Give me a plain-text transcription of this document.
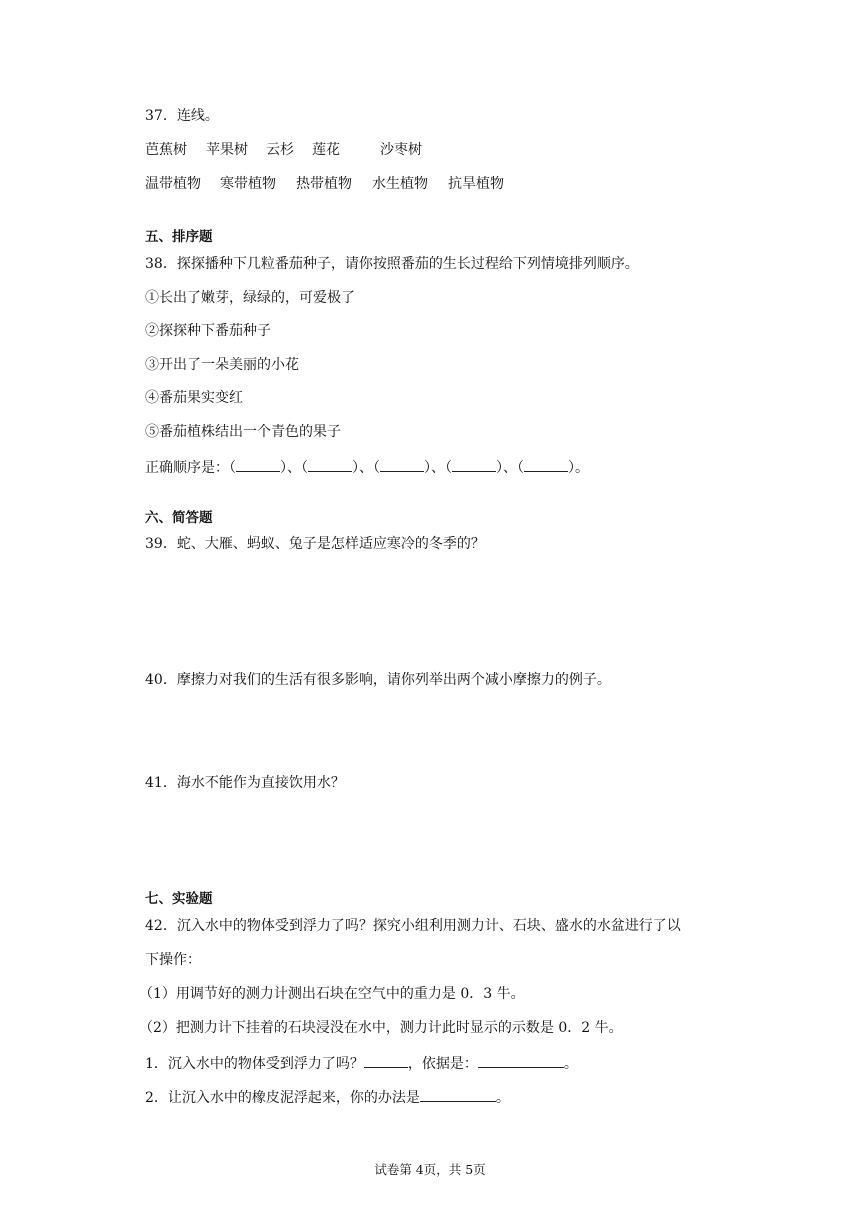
37．连线。
芭蕉树 苹果树 云杉 莲花	沙枣树
温带植物 寒带植物 热带植物 水生植物 抗旱植物
五、排序题
38．探探播种下几粒番茄种子，请你按照番茄的生长过程给下列情境排列顺序。
①长出了嫩芽，绿绿的，可爱极了
②探探种下番茄种子
③开出了一朵美丽的小花
④番茄果实变红
⑤番茄植株结出一个青色的果子
正确顺序是：（	）、（	）、（	）、（	）、（	）。
六、简答题
39．蛇、大雁、蚂蚁、兔子是怎样适应寒冷的冬季的？
40．摩擦力对我们的生活有很多影响，请你列举出两个减小摩擦力的例子。
41．海水不能作为直接饮用水？
七、实验题
42．沉入水中的物体受到浮力了吗？探究小组利用测力计、石块、盛水的水盆进行了以
下操作：
（1）用调节好的测力计测出石块在空气中的重力是 0．3 牛。
（2）把测力计下挂着的石块浸没在水中，测力计此时显示的示数是 0．2 牛。
1．沉入水中的物体受到浮力了吗？	，依据是：	。
2．让沉入水中的橡皮泥浮起来，你的办法是	。
试卷第 4页，共 5页
